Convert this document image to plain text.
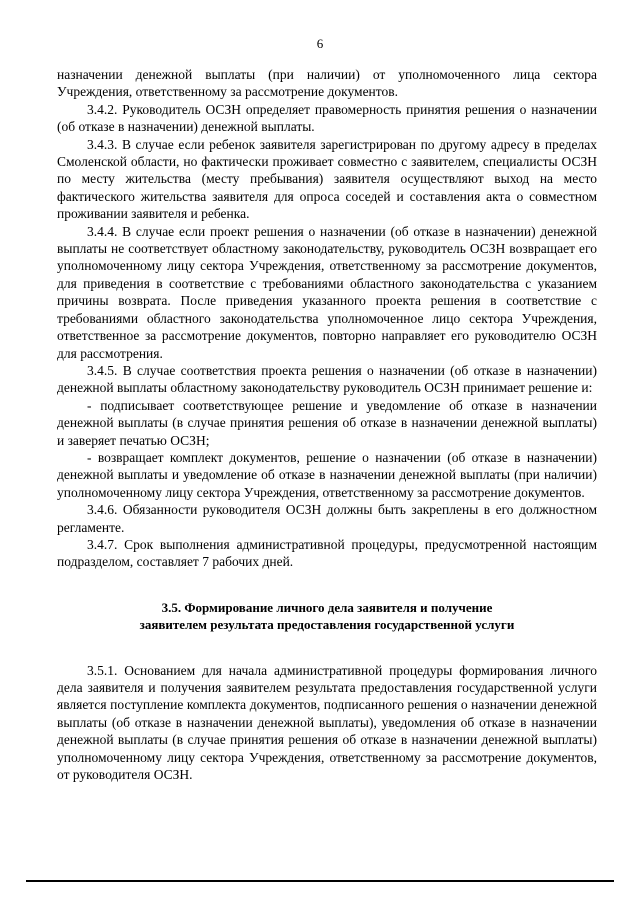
6

назначении денежной выплаты (при наличии) от уполномоченного лица сектора Учреждения, ответственному за рассмотрение документов.

3.4.2. Руководитель ОСЗН определяет правомерность принятия решения о назначении (об отказе в назначении) денежной выплаты.

3.4.3. В случае если ребенок заявителя зарегистрирован по другому адресу в пределах Смоленской области, но фактически проживает совместно с заявителем, специалисты ОСЗН по месту жительства (месту пребывания) заявителя осуществляют выход на место фактического жительства заявителя для опроса соседей и составления акта о совместном проживании заявителя и ребенка.

3.4.4. В случае если проект решения о назначении (об отказе в назначении) денежной выплаты не соответствует областному законодательству, руководитель ОСЗН возвращает его уполномоченному лицу сектора Учреждения, ответственному за рассмотрение документов, для приведения в соответствие с требованиями областного законодательства с указанием причины возврата. После приведения указанного проекта решения в соответствие с требованиями областного законодательства уполномоченное лицо сектора Учреждения, ответственное за рассмотрение документов, повторно направляет его руководителю ОСЗН для рассмотрения.

3.4.5. В случае соответствия проекта решения о назначении (об отказе в назначении) денежной выплаты областному законодательству руководитель ОСЗН принимает решение и:

- подписывает соответствующее решение и уведомление об отказе в назначении денежной выплаты (в случае принятия решения об отказе в назначении денежной выплаты) и заверяет печатью ОСЗН;

- возвращает комплект документов, решение о назначении (об отказе в назначении) денежной выплаты и уведомление об отказе в назначении денежной выплаты (при наличии) уполномоченному лицу сектора Учреждения, ответственному за рассмотрение документов.

3.4.6. Обязанности руководителя ОСЗН должны быть закреплены в его должностном регламенте.

3.4.7. Срок выполнения административной процедуры, предусмотренной настоящим подразделом, составляет 7 рабочих дней.

3.5. Формирование личного дела заявителя и получение
заявителем результата предоставления государственной услуги

3.5.1. Основанием для начала административной процедуры формирования личного дела заявителя и получения заявителем результата предоставления государственной услуги является поступление комплекта документов, подписанного решения о назначении денежной выплаты (об отказе в назначении денежной выплаты), уведомления об отказе в назначении денежной выплаты (в случае принятия решения об отказе в назначении денежной выплаты) уполномоченному лицу сектора Учреждения, ответственному за рассмотрение документов, от руководителя ОСЗН.
